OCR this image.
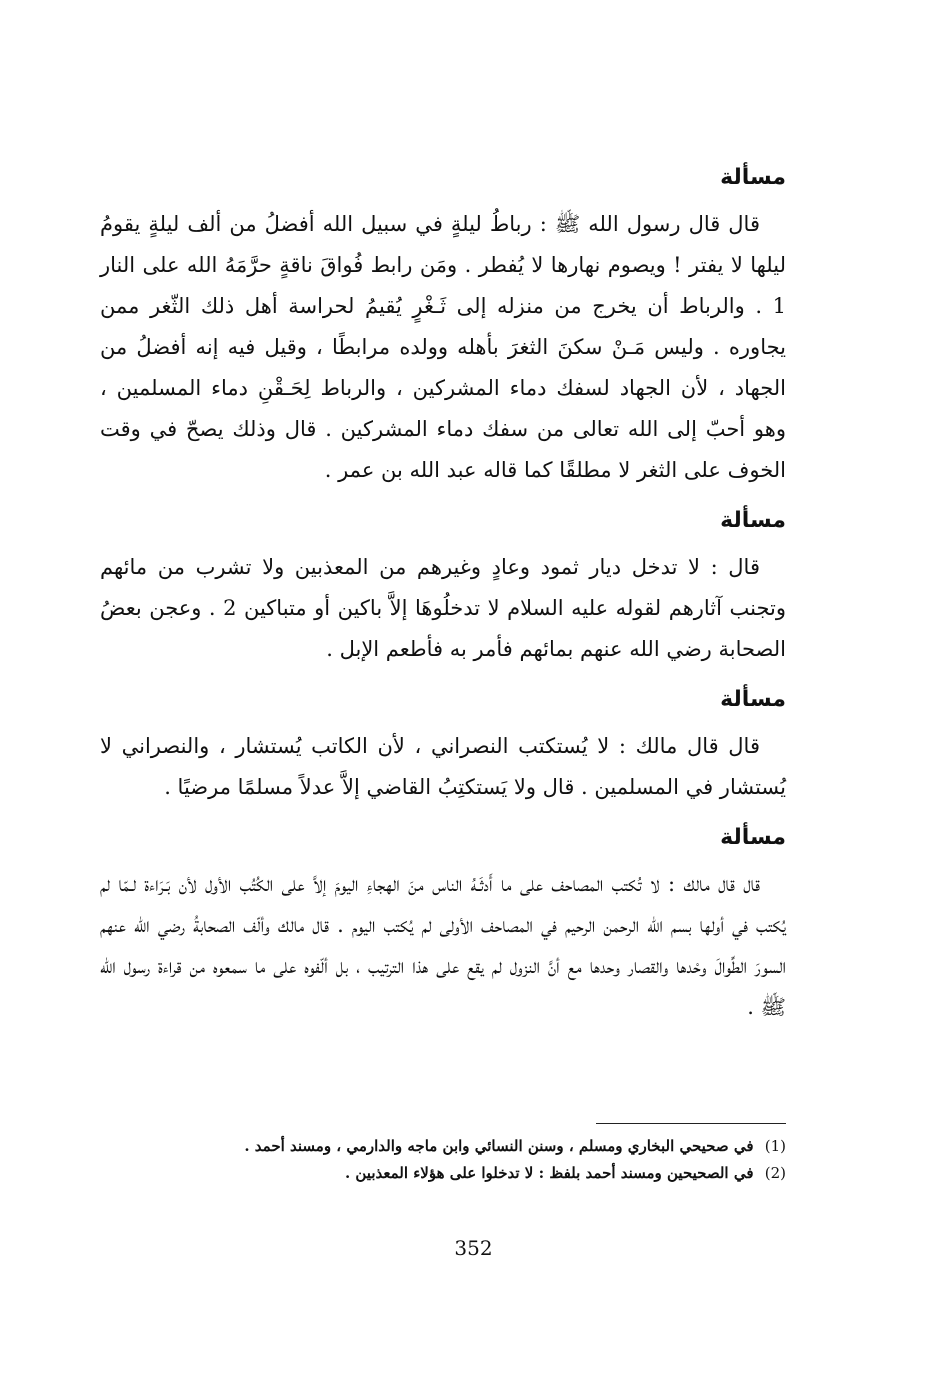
مسألة

قال قال رسول الله ﷺ : رباطُ ليلةٍ في سبيل الله أفضلُ من ألف ليلةٍ يقومُ ليلها لا يفتر ! ويصوم نهارها لا يُفطر . ومَن رابط فُواقَ ناقةٍ حرَّمَهُ الله على النار 1 . والرباط أن يخرج من منزله إلى ثَـغْرٍ يُقيمُ لحراسة أهل ذلك الثّغر ممن يجاوره . وليس مَـنْ سكنَ الثغرَ بأهله وولده مرابطًا ، وقيل فيه إنه أفضلُ من الجهاد ، لأن الجهاد لسفك دماء المشركين ، والرباط لِحَـقْنِ دماء المسلمين ، وهو أحبّ إلى الله تعالى من سفك دماء المشركين . قال وذلك يصحّ في وقت الخوف على الثغر لا مطلقًا كما قاله عبد الله بن عمر .

مسألة

قال : لا تدخل ديار ثمود وعادٍ وغيرهم من المعذبين ولا تشرب من مائهم وتجنب آثارهم لقوله عليه السلام لا تدخلُوهَا إلاَّ باكين أو متباكين 2 . وعجن بعضُ الصحابة رضي الله عنهم بمائهم فأمر به فأطعم الإبل .

مسألة

قال قال مالك : لا يُستكتب النصراني ، لأن الكاتب يُستشار ، والنصراني لا يُستشار في المسلمين . قال ولا يَستكتِبُ القاضي إلاَّ عدلاً مسلمًا مرضيًا .

مسألة

قال قال مالك : لا تُكتب المصاحف على ما أَدثَـهُ الناس منَ الهجاءِ اليومَ إلاَّ على الكُتُب الأول لأن بَـرَاءة لـمّا لم يُكتب في أولها بسم الله الرحمن الرحيم في المصاحف الأولى لم يُكتب اليوم . قال مالك وألّف الصحابةُ رضي الله عنهم السورَ الطِّوالَ وحْدها والقصار وحدها مع أنَّ النزول لم يقع على هذا الترتيب ، بل ألّفوه على ما سمعوه من قراءة رسول الله ﷺ .

(1) في صحيحي البخاري ومسلم ، وسنن النسائي وابن ماجه والدارمي ، ومسند أحمد .
(2) في الصحيحين ومسند أحمد بلفظ : لا تدخلوا على هؤلاء المعذبين .
352
